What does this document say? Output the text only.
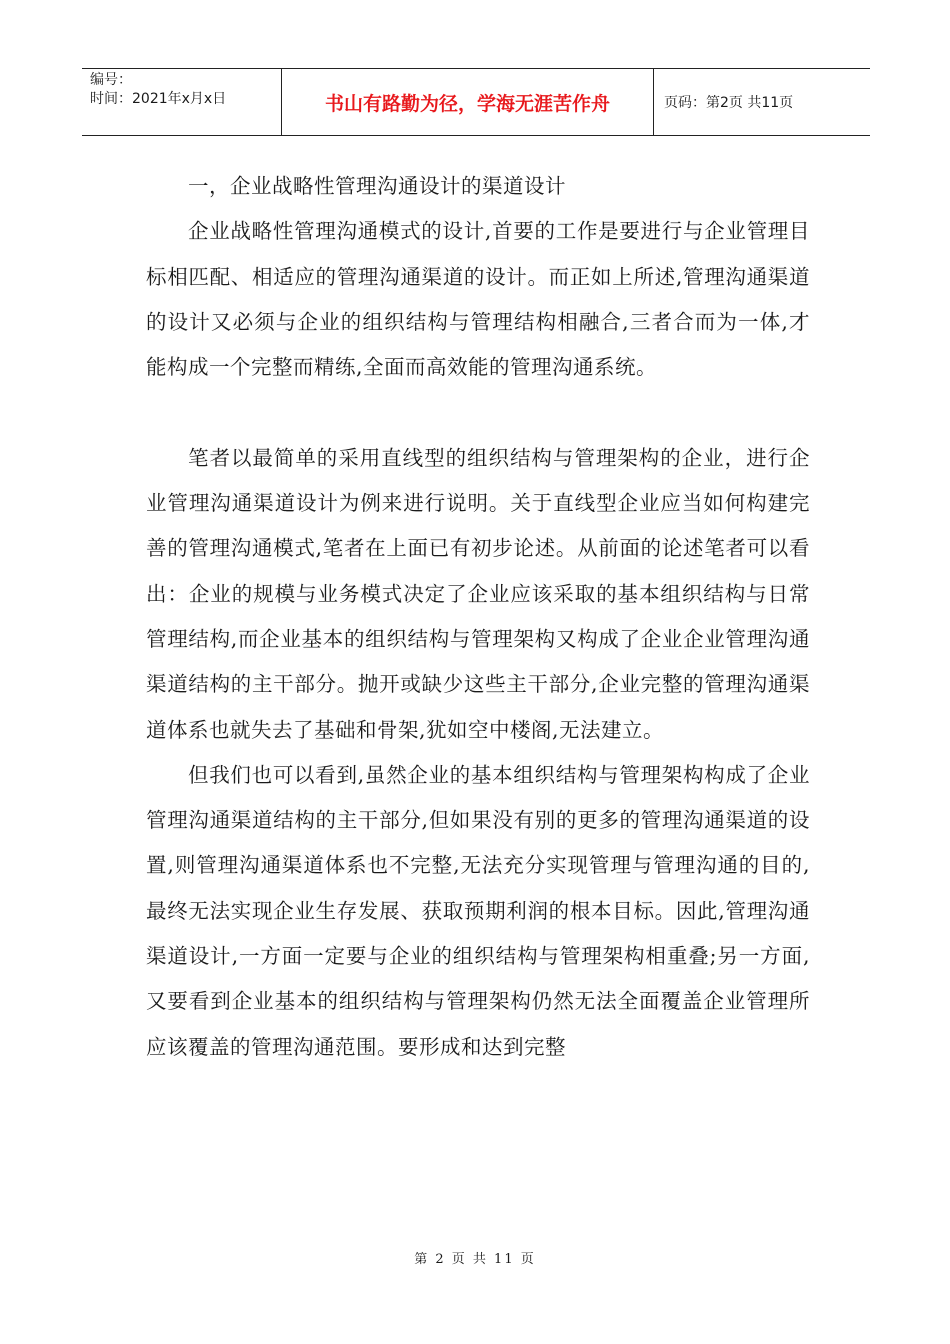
编号：
时间：2021年x月x日	书山有路勤为径，学海无涯苦作舟	页码：第2页 共11页

一，企业战略性管理沟通设计的渠道设计

企业战略性管理沟通模式的设计,首要的工作是要进行与企业管理目标相匹配、相适应的管理沟通渠道的设计。而正如上所述,管理沟通渠道的设计又必须与企业的组织结构与管理结构相融合,三者合而为一体,才能构成一个完整而精练,全面而高效能的管理沟通系统。

笔者以最简单的采用直线型的组织结构与管理架构的企业，进行企业管理沟通渠道设计为例来进行说明。关于直线型企业应当如何构建完善的管理沟通模式,笔者在上面已有初步论述。从前面的论述笔者可以看出：企业的规模与业务模式决定了企业应该采取的基本组织结构与日常管理结构,而企业基本的组织结构与管理架构又构成了企业企业管理沟通渠道结构的主干部分。抛开或缺少这些主干部分,企业完整的管理沟通渠道体系也就失去了基础和骨架,犹如空中楼阁,无法建立。

但我们也可以看到,虽然企业的基本组织结构与管理架构构成了企业管理沟通渠道结构的主干部分,但如果没有别的更多的管理沟通渠道的设置,则管理沟通渠道体系也不完整,无法充分实现管理与管理沟通的目的,最终无法实现企业生存发展、获取预期利润的根本目标。因此,管理沟通渠道设计,一方面一定要与企业的组织结构与管理架构相重叠;另一方面,又要看到企业基本的组织结构与管理架构仍然无法全面覆盖企业管理所应该覆盖的管理沟通范围。要形成和达到完整

第 2 页 共 11 页
